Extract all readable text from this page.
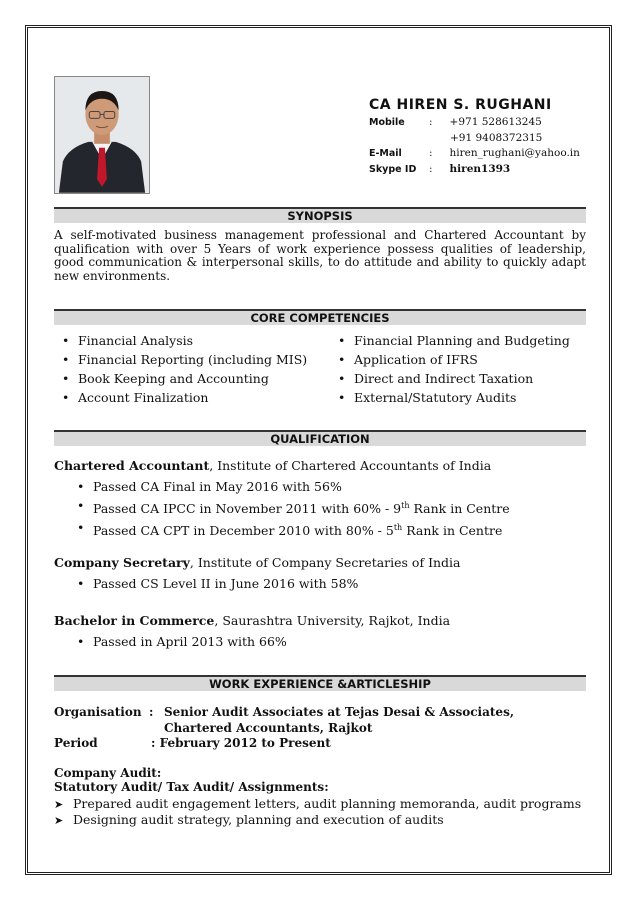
CA HIREN S. RUGHANI
Mobile	:	+971 528613245
+91 9408372315
E-Mail	:	hiren_rughani@yahoo.in
Skype ID	:	hiren1393
SYNOPSIS
A self-motivated business management professional and Chartered Accountant by qualification with over 5 Years of work experience possess qualities of leadership, good communication & interpersonal skills, to do attitude and ability to quickly adapt new environments.
CORE COMPETENCIES
• Financial Analysis
• Financial Reporting (including MIS)
• Book Keeping and Accounting
• Account Finalization
• Financial Planning and Budgeting
• Application of IFRS
• Direct and Indirect Taxation
• External/Statutory Audits
QUALIFICATION
Chartered Accountant, Institute of Chartered Accountants of India
• Passed CA Final in May 2016 with 56%
• Passed CA IPCC in November 2011 with 60% - 9th Rank in Centre
• Passed CA CPT in December 2010 with 80% - 5th Rank in Centre
Company Secretary, Institute of Company Secretaries of India
• Passed CS Level II in June 2016 with 58%
Bachelor in Commerce, Saurashtra University, Rajkot, India
• Passed in April 2013 with 66%
WORK EXPERIENCE &ARTICLESHIP
Organisation : Senior Audit Associates at Tejas Desai & Associates,
Chartered Accountants, Rajkot
Period	: February 2012 to Present
Company Audit:
Statutory Audit/ Tax Audit/ Assignments:
➤ Prepared audit engagement letters, audit planning memoranda, audit programs
➤ Designing audit strategy, planning and execution of audits
